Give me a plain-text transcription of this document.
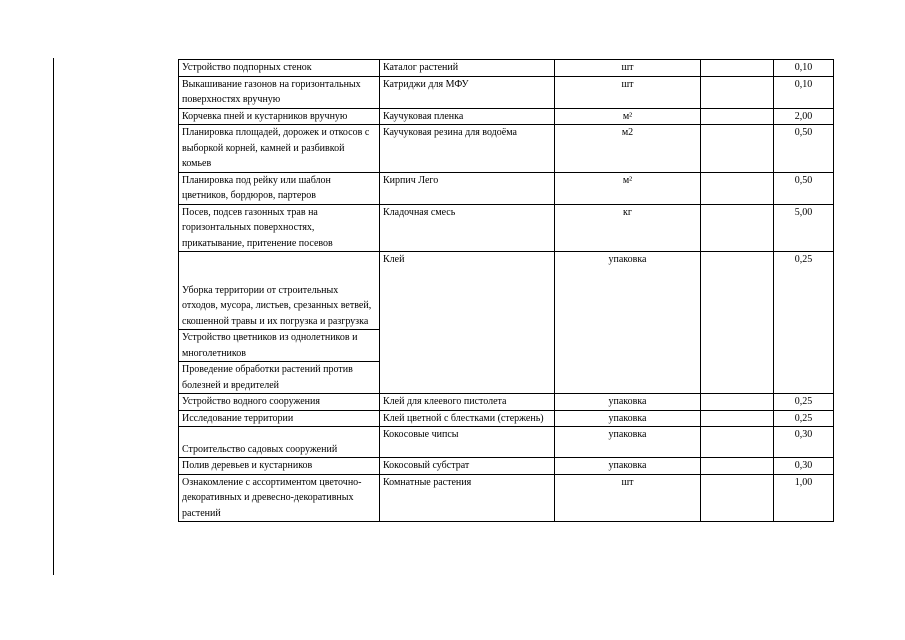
Устройство подпорных стенок	Каталог растений	шт		0,10
Выкашивание газонов на горизонтальных поверхностях вручную	Катриджи для МФУ	шт		0,10
Корчевка пней и кустарников вручную	Каучуковая пленка	м²		2,00
Планировка площадей, дорожек и откосов с выборкой корней, камней и разбивкой комьев	Каучуковая резина для водоёма	м2		0,50
Планировка под рейку или шаблон цветников, бордюров, партеров	Кирпич Лего	м²		0,50
Посев, подсев газонных трав на горизонтальных поверхностях, прикатывание, притенение посевов	Кладочная смесь	кг		5,00
Уборка территории от строительных отходов, мусора, листьев, срезанных ветвей, скошенной травы и их погрузка и разгрузка	Клей	упаковка		0,25
Устройство цветников из однолетников и многолетников				
Проведение обработки растений против болезней и вредителей				
Устройство водного сооружения	Клей для клеевого пистолета	упаковка		0,25
Исследование территории	Клей цветной с блестками (стержень)	упаковка		0,25
Строительство садовых сооружений	Кокосовые чипсы	упаковка		0,30
Полив деревьев и кустарников	Кокосовый субстрат	упаковка		0,30
Ознакомление с ассортиментом цветочно-декоративных и древесно-декоративных растений	Комнатные растения	шт		1,00
